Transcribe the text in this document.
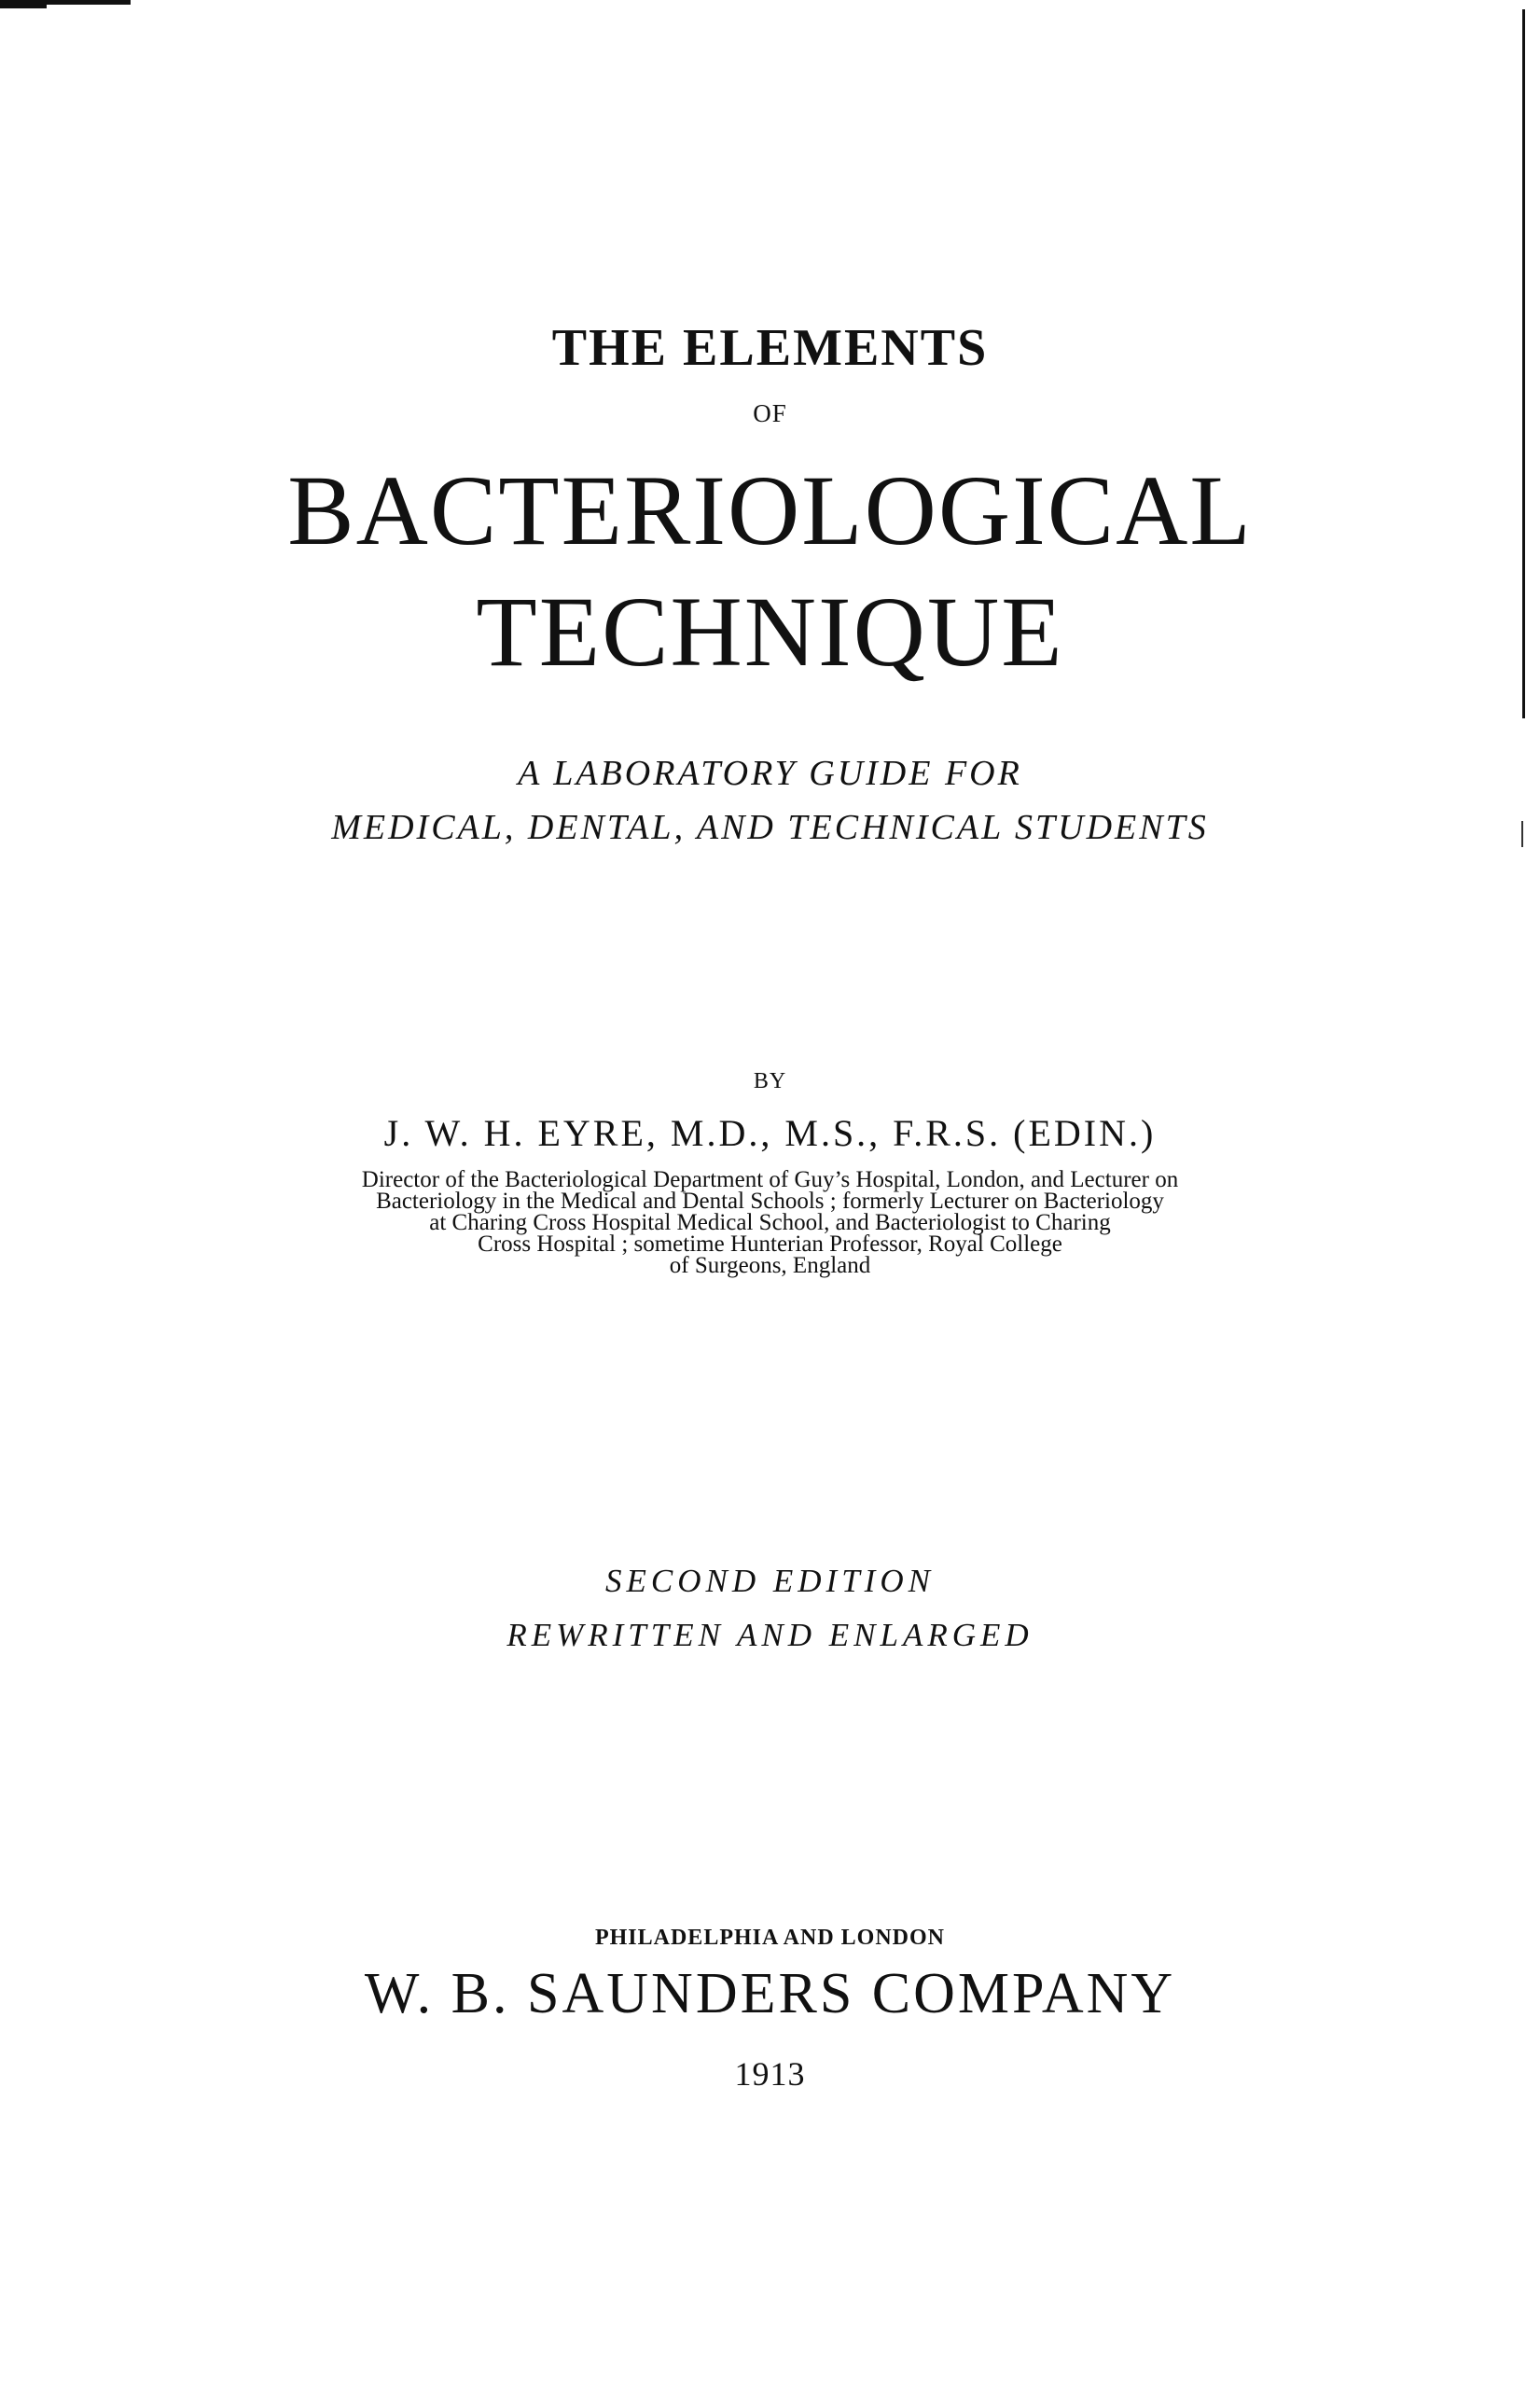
THE ELEMENTS
OF
BACTERIOLOGICAL
TECHNIQUE
A LABORATORY GUIDE FOR
MEDICAL, DENTAL, AND TECHNICAL STUDENTS
BY
J. W. H. EYRE, M.D., M.S., F.R.S. (EDIN.)
Director of the Bacteriological Department of Guy’s Hospital, London, and Lecturer on
Bacteriology in the Medical and Dental Schools ; formerly Lecturer on Bacteriology
at Charing Cross Hospital Medical School, and Bacteriologist to Charing
Cross Hospital ; sometime Hunterian Professor, Royal College
of Surgeons, England
SECOND EDITION
REWRITTEN AND ENLARGED
PHILADELPHIA AND LONDON
W. B. SAUNDERS COMPANY
1913
